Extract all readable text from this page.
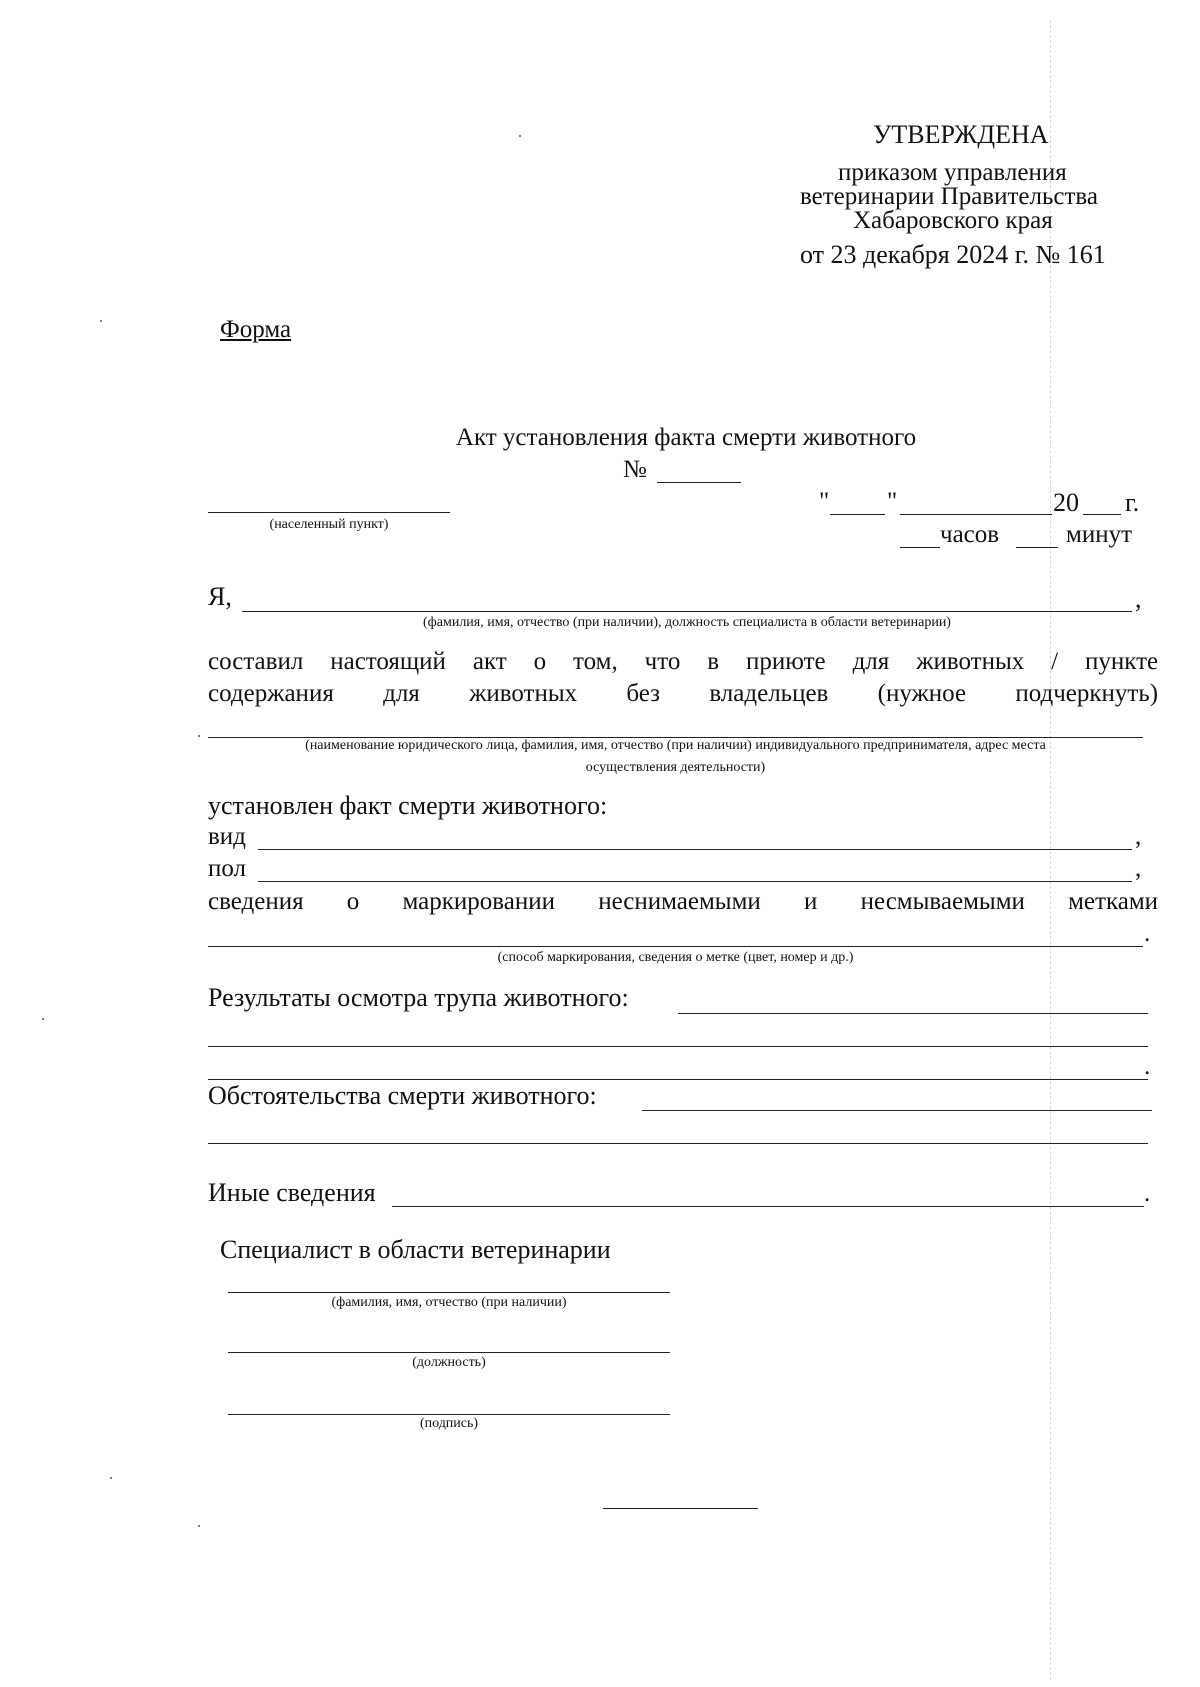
УТВЕРЖДЕНА
приказом управления
ветеринарии Правительства
Хабаровского края
от 23 декабря 2024 г. № 161
Форма
Акт установления факта смерти животного
№
(населенный пункт)
" "	20 г.
часов	минут
Я,	,
(фамилия, имя, отчество (при наличии), должность специалиста в области ветеринарии)
составил настоящий акт о том, что в приюте для животных / пункте
содержания для животных без владельцев (нужное подчеркнуть)
(наименование юридического лица, фамилия, имя, отчество (при наличии) индивидуального предпринимателя, адрес места
осуществления деятельности)
установлен факт смерти животного:
вид	,
пол	,
сведения о маркировании неснимаемыми и несмываемыми метками
.
(способ маркирования, сведения о метке (цвет, номер и др.)
Результаты осмотра трупа животного:
.
Обстоятельства смерти животного:
Иные сведения	.
Специалист в области ветеринарии
(фамилия, имя, отчество (при наличии)
(должность)
(подпись)
